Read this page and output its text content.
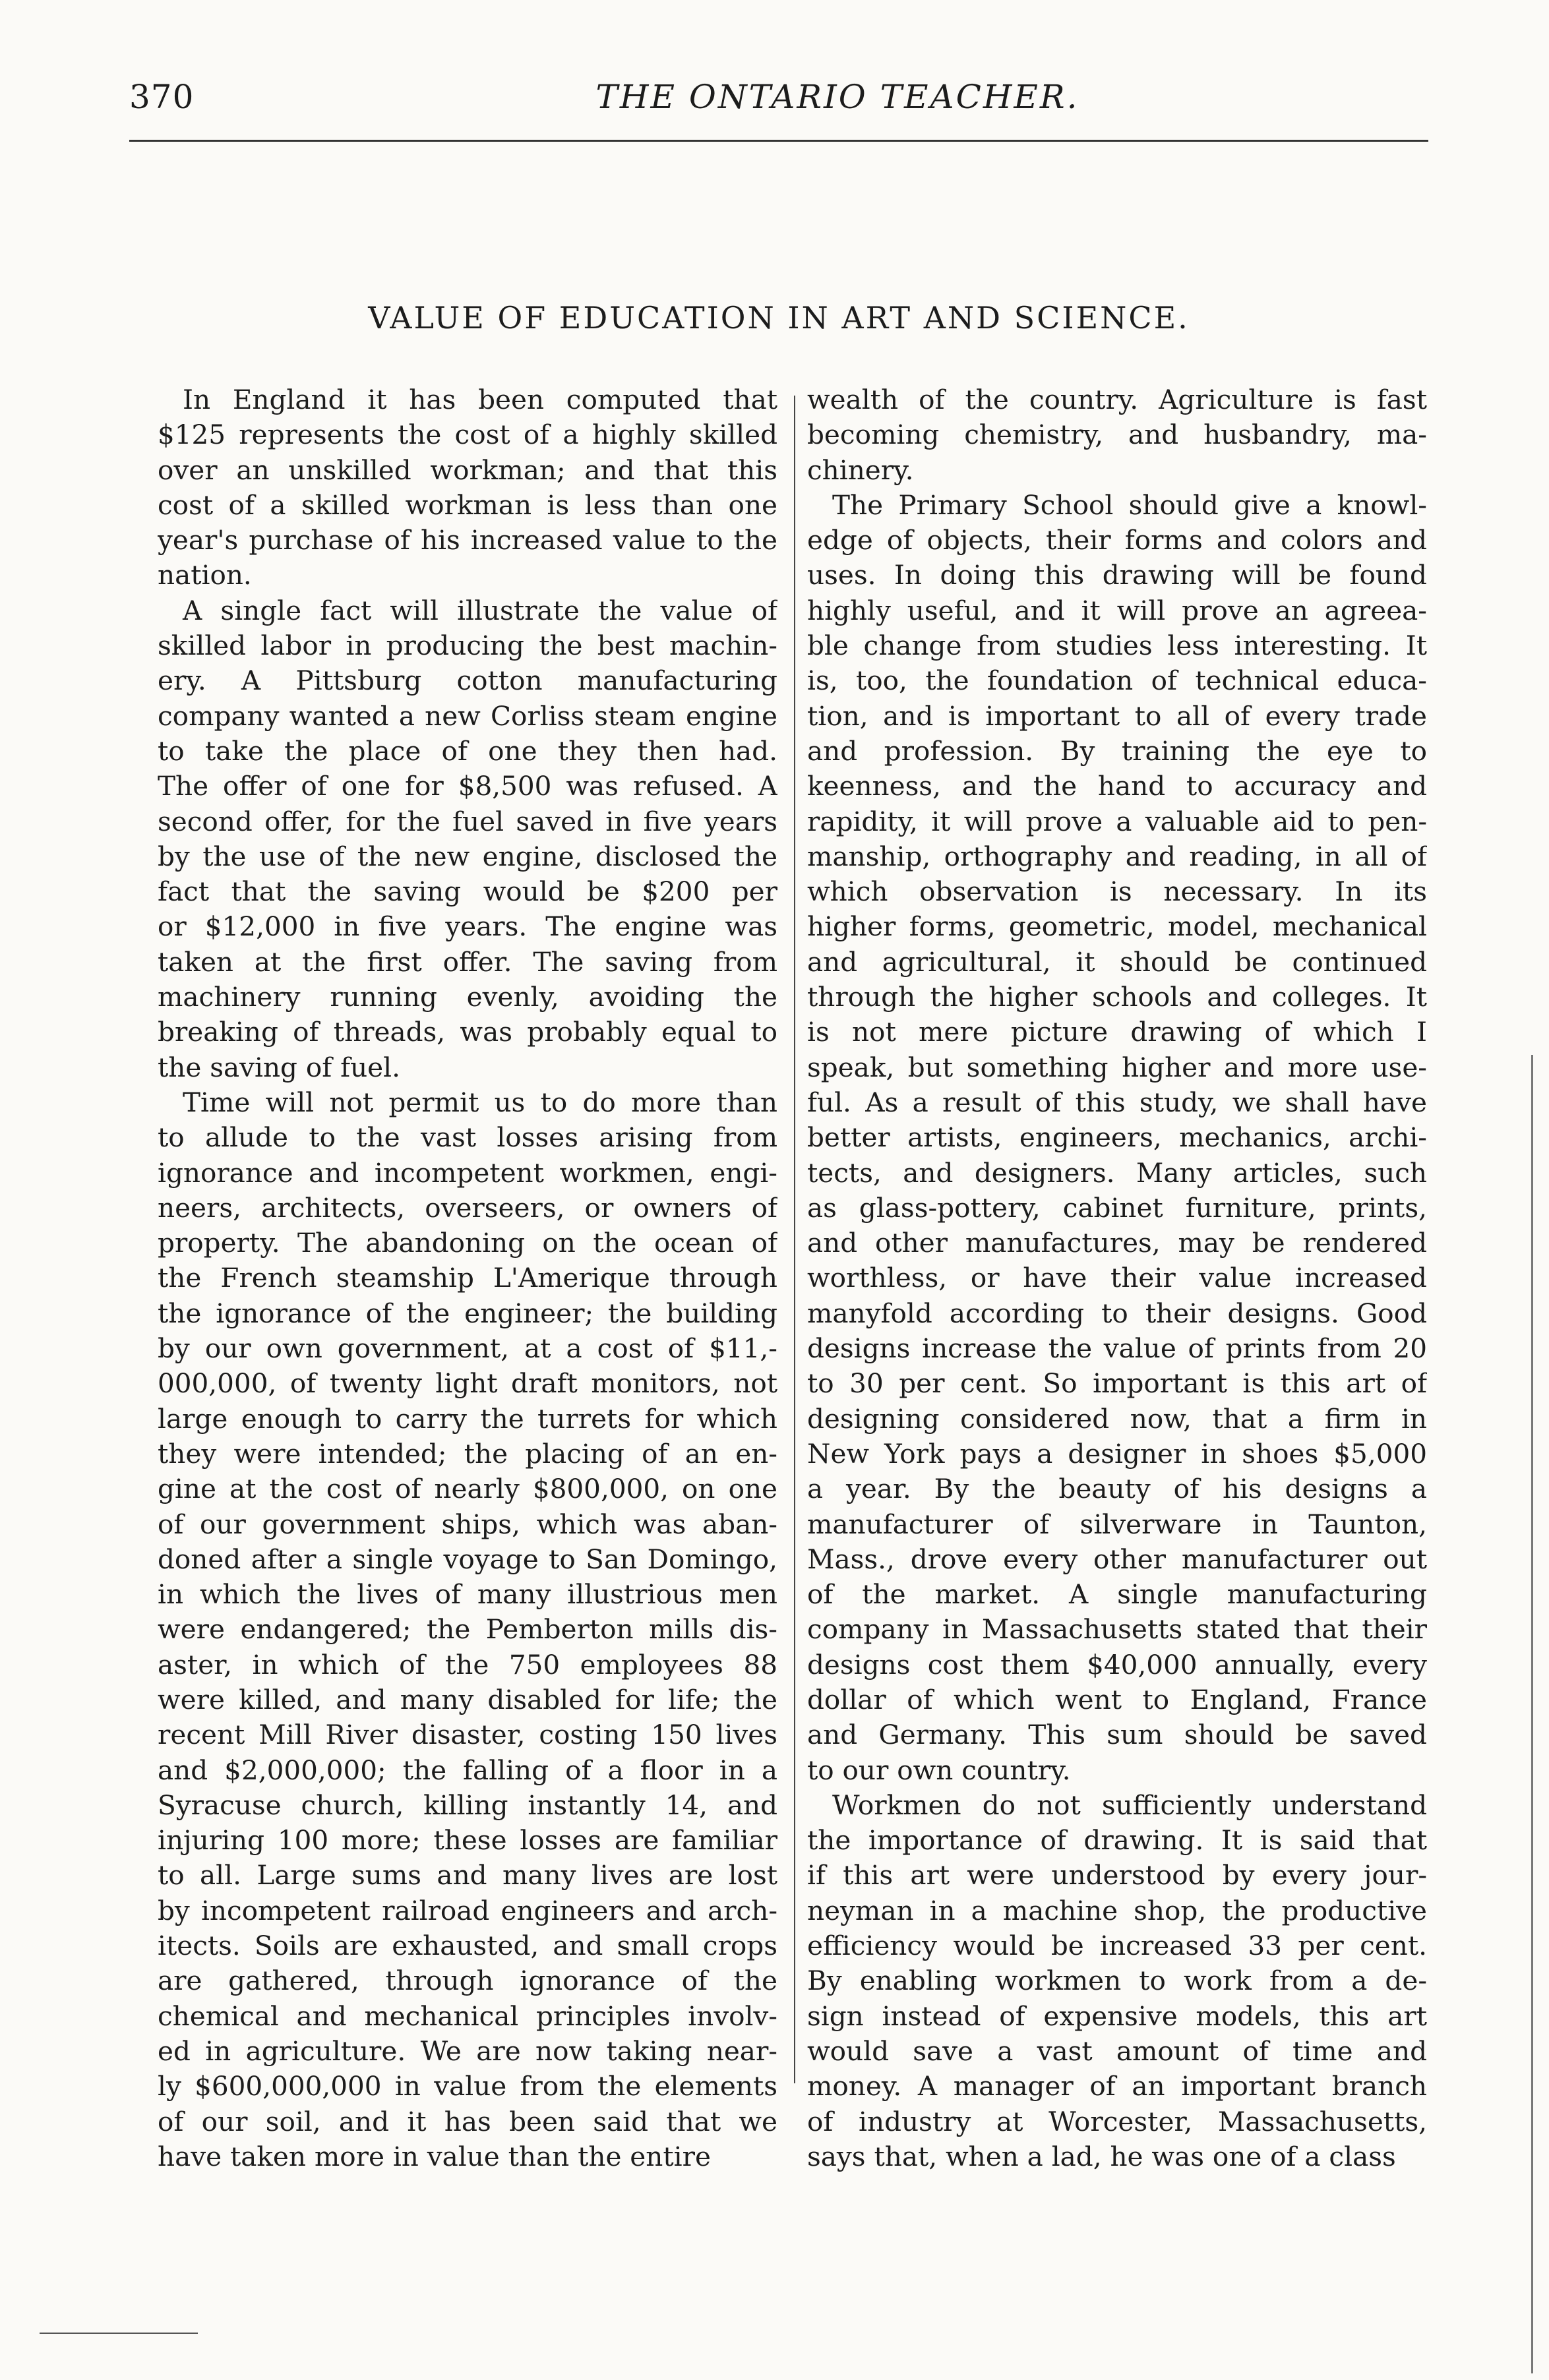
370	THE ONTARIO TEACHER.
VALUE OF EDUCATION IN ART AND SCIENCE.
In England it has been computed that
$125 represents the cost of a highly skilled
over an unskilled workman; and that this
cost of a skilled workman is less than one
year's purchase of his increased value to the
nation.
A single fact will illustrate the value of
skilled labor in producing the best machin-
ery. A Pittsburg cotton manufacturing
company wanted a new Corliss steam engine
to take the place of one they then had.
The offer of one for $8,500 was refused. A
second offer, for the fuel saved in five years
by the use of the new engine, disclosed the
fact that the saving would be $200 per
or $12,000 in five years. The engine was
taken at the first offer. The saving from
machinery running evenly, avoiding the
breaking of threads, was probably equal to
the saving of fuel.
Time will not permit us to do more than
to allude to the vast losses arising from
ignorance and incompetent workmen, engi-
neers, architects, overseers, or owners of
property. The abandoning on the ocean of
the French steamship L'Amerique through
the ignorance of the engineer; the building
by our own government, at a cost of $11,-
000,000, of twenty light draft monitors, not
large enough to carry the turrets for which
they were intended; the placing of an en-
gine at the cost of nearly $800,000, on one
of our government ships, which was aban-
doned after a single voyage to San Domingo,
in which the lives of many illustrious men
were endangered; the Pemberton mills dis-
aster, in which of the 750 employees 88
were killed, and many disabled for life; the
recent Mill River disaster, costing 150 lives
and $2,000,000; the falling of a floor in a
Syracuse church, killing instantly 14, and
injuring 100 more; these losses are familiar
to all. Large sums and many lives are lost
by incompetent railroad engineers and arch-
itects. Soils are exhausted, and small crops
are gathered, through ignorance of the
chemical and mechanical principles involv-
ed in agriculture. We are now taking near-
ly $600,000,000 in value from the elements
of our soil, and it has been said that we
have taken more in value than the entire
wealth of the country. Agriculture is fast
becoming chemistry, and husbandry, ma-
chinery.
The Primary School should give a knowl-
edge of objects, their forms and colors and
uses. In doing this drawing will be found
highly useful, and it will prove an agreea-
ble change from studies less interesting. It
is, too, the foundation of technical educa-
tion, and is important to all of every trade
and profession. By training the eye to
keenness, and the hand to accuracy and
rapidity, it will prove a valuable aid to pen-
manship, orthography and reading, in all of
which observation is necessary. In its
higher forms, geometric, model, mechanical
and agricultural, it should be continued
through the higher schools and colleges. It
is not mere picture drawing of which I
speak, but something higher and more use-
ful. As a result of this study, we shall have
better artists, engineers, mechanics, archi-
tects, and designers. Many articles, such
as glass-pottery, cabinet furniture, prints,
and other manufactures, may be rendered
worthless, or have their value increased
manyfold according to their designs. Good
designs increase the value of prints from 20
to 30 per cent. So important is this art of
designing considered now, that a firm in
New York pays a designer in shoes $5,000
a year. By the beauty of his designs a
manufacturer of silverware in Taunton,
Mass., drove every other manufacturer out
of the market. A single manufacturing
company in Massachusetts stated that their
designs cost them $40,000 annually, every
dollar of which went to England, France
and Germany. This sum should be saved
to our own country.
Workmen do not sufficiently understand
the importance of drawing. It is said that
if this art were understood by every jour-
neyman in a machine shop, the productive
efficiency would be increased 33 per cent.
By enabling workmen to work from a de-
sign instead of expensive models, this art
would save a vast amount of time and
money. A manager of an important branch
of industry at Worcester, Massachusetts,
says that, when a lad, he was one of a class
